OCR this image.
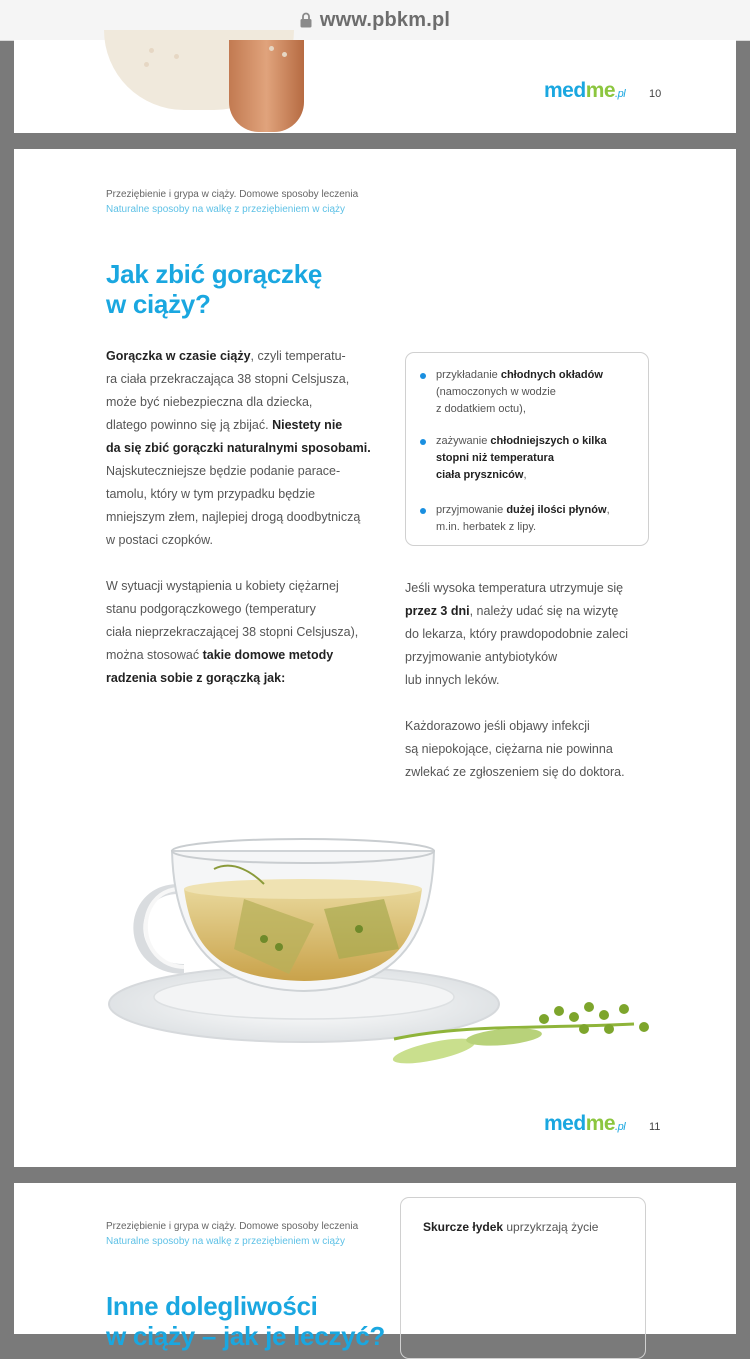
www.pbkm.pl
medme.pl 10
Przeziębienie i grypa w ciąży. Domowe sposoby leczenia
Naturalne sposoby na walkę z przeziębieniem w ciąży
Jak zbić gorączkę
w ciąży?

Gorączka w czasie ciąży, czyli temperatu-
ra ciała przekraczająca 38 stopni Celsjusza,
może być niebezpieczna dla dziecka,
dlatego powinno się ją zbijać. Niestety nie
da się zbić gorączki naturalnymi sposobami.
Najskuteczniejsze będzie podanie parace-
tamolu, który w tym przypadku będzie
mniejszym złem, najlepiej drogą doodbytniczą
w postaci czopków.

W sytuacji wystąpienia u kobiety ciężarnej
stanu podgorączkowego (temperatury
ciała nieprzekraczającej 38 stopni Celsjusza),
można stosować takie domowe metody
radzenia sobie z gorączką jak:

przykładanie chłodnych okładów
(namoczonych w wodzie
z dodatkiem octu),
zażywanie chłodniejszych o kilka
stopni niż temperatura
ciała pryszniców,
przyjmowanie dużej ilości płynów,
m.in. herbatek z lipy.

Jeśli wysoka temperatura utrzymuje się
przez 3 dni, należy udać się na wizytę
do lekarza, który prawdopodobnie zaleci
przyjmowanie antybiotyków
lub innych leków.

Każdorazowo jeśli objawy infekcji
są niepokojące, ciężarna nie powinna
zwlekać ze zgłoszeniem się do doktora.

medme.pl 11
Przeziębienie i grypa w ciąży. Domowe sposoby leczenia
Naturalne sposoby na walkę z przeziębieniem w ciąży
Inne dolegliwości
w ciąży – jak je leczyć?

Skurcze łydek uprzykrzają życie
